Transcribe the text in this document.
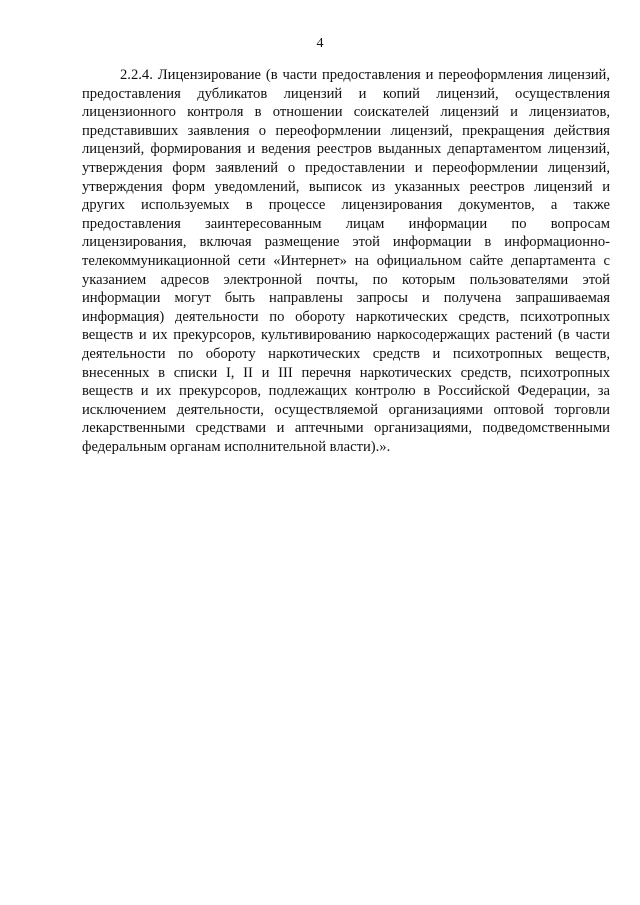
4

2.2.4. Лицензирование (в части предоставления и переоформления лицензий, предоставления дубликатов лицензий и копий лицензий, осуществления лицензионного контроля в отношении соискателей лицензий и лицензиатов, представивших заявления о переоформлении лицензий, прекращения действия лицензий, формирования и ведения реестров выданных департаментом лицензий, утверждения форм заявлений о предоставлении и переоформлении лицензий, утверждения форм уведомлений, выписок из указанных реестров лицензий и других используемых в процессе лицензирования документов, а также предоставления заинтересованным лицам информации по вопросам лицензирования, включая размещение этой информации в информационно-телекоммуникационной сети «Интернет» на официальном сайте департамента с указанием адресов электронной почты, по которым пользователями этой информации могут быть направлены запросы и получена запрашиваемая информация) деятельности по обороту наркотических средств, психотропных веществ и их прекурсоров, культивированию наркосодержащих растений (в части деятельности по обороту наркотических средств и психотропных веществ, внесенных в списки I, II и III перечня наркотических средств, психотропных веществ и их прекурсоров, подлежащих контролю в Российской Федерации, за исключением деятельности, осуществляемой организациями оптовой торговли лекарственными средствами и аптечными организациями, подведомственными федеральным органам исполнительной власти).».
